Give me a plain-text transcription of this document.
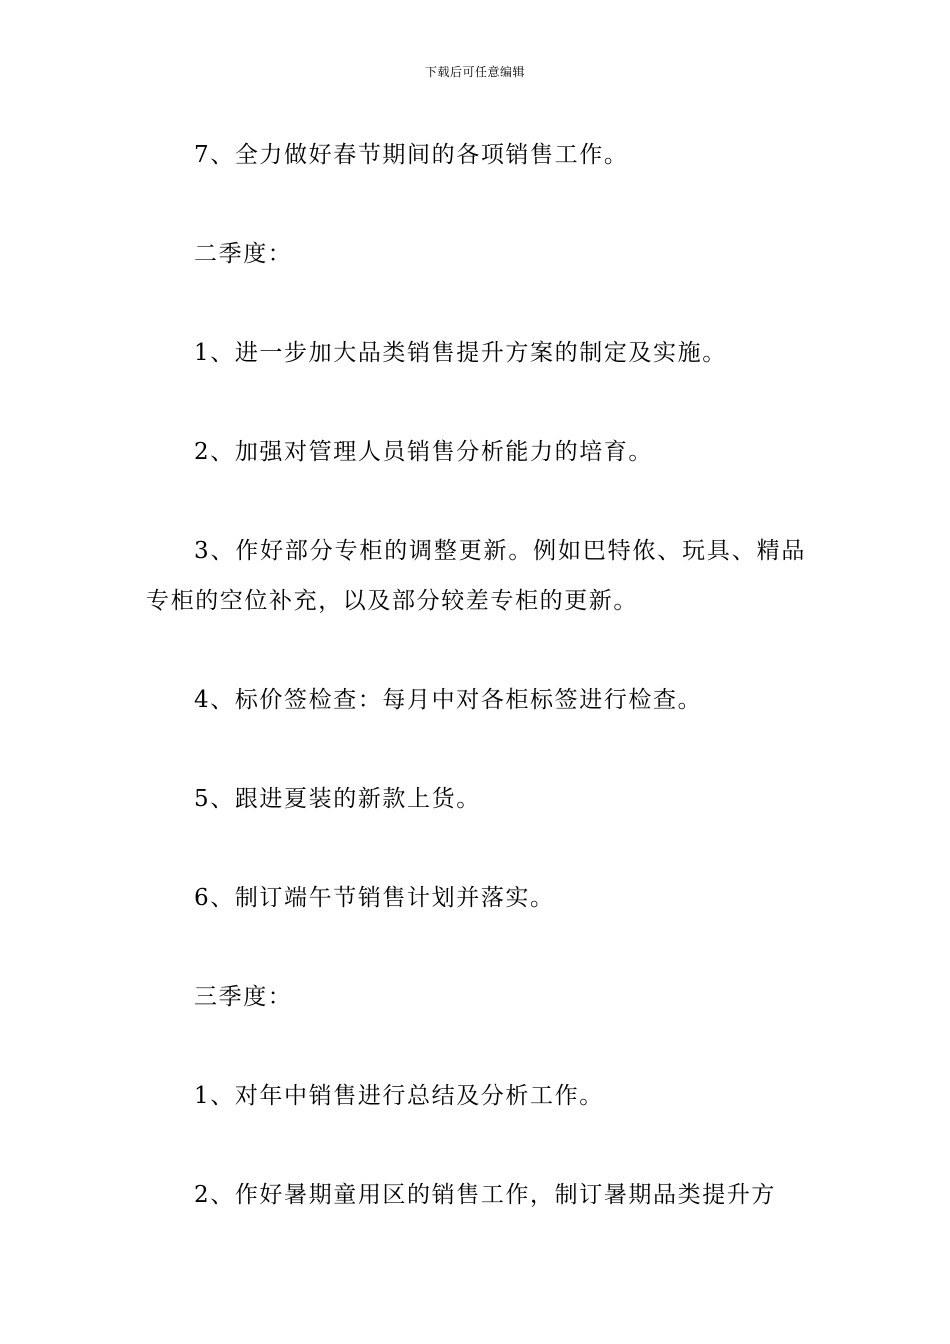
下载后可任意编辑

7、全力做好春节期间的各项销售工作。

二季度：

1、进一步加大品类销售提升方案的制定及实施。

2、加强对管理人员销售分析能力的培育。

3、作好部分专柜的调整更新。例如巴特侬、玩具、精品专柜的空位补充，以及部分较差专柜的更新。

4、标价签检查：每月中对各柜标签进行检查。

5、跟进夏装的新款上货。

6、制订端午节销售计划并落实。

三季度：

1、对年中销售进行总结及分析工作。

2、作好暑期童用区的销售工作，制订暑期品类提升方
